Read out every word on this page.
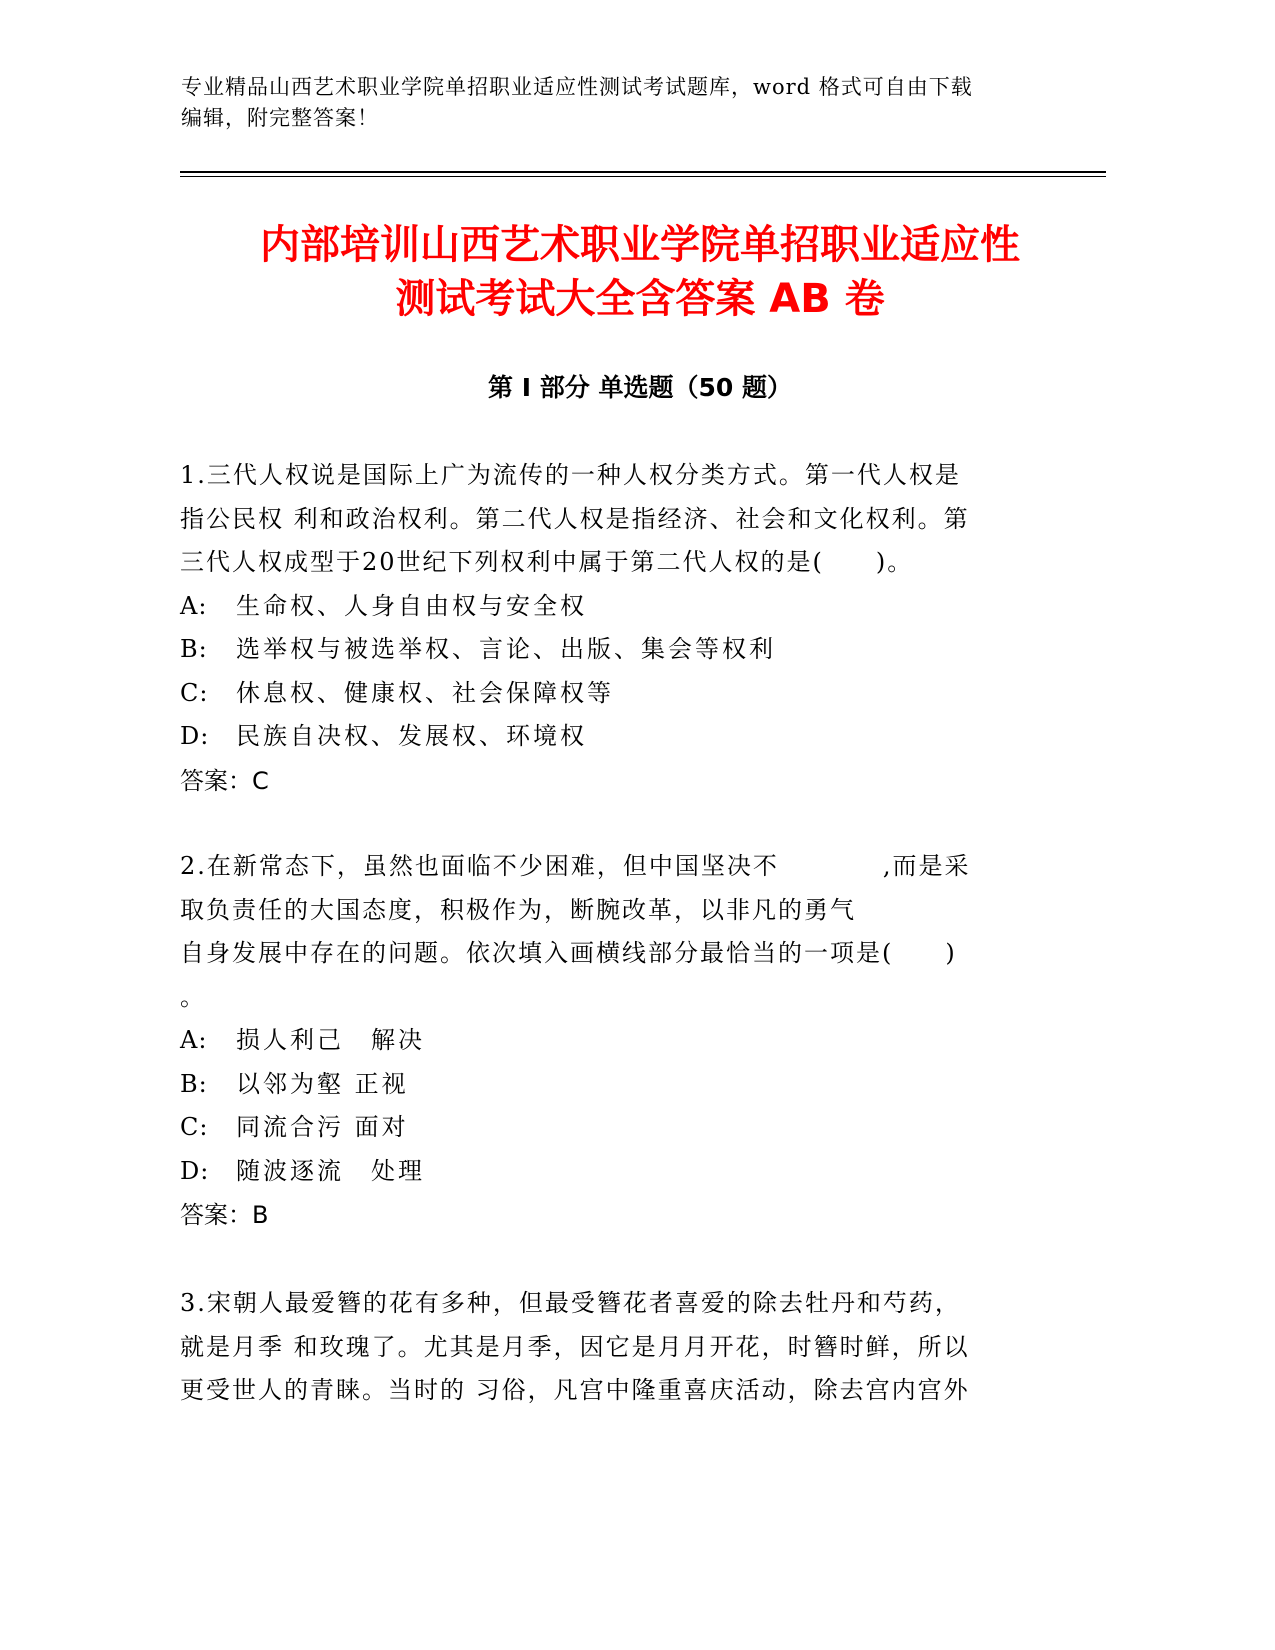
专业精品山西艺术职业学院单招职业适应性测试考试题库，word 格式可自由下载
编辑，附完整答案！
内部培训山西艺术职业学院单招职业适应性
测试考试大全含答案 AB 卷
第 I 部分 单选题（50 题）
1.三代人权说是国际上广为流传的一种人权分类方式。第一代人权是
指公民权 利和政治权利。第二代人权是指经济、社会和文化权利。第
三代人权成型于20世纪下列权利中属于第二代人权的是(　　)。
A: 生命权、人身自由权与安全权
B: 选举权与被选举权、言论、出版、集会等权利
C: 休息权、健康权、社会保障权等
D: 民族自决权、发展权、环境权
答案：C
2.在新常态下，虽然也面临不少困难，但中国坚决不　　　　,而是采
取负责任的大国态度，积极作为，断腕改革，以非凡的勇气
自身发展中存在的问题。依次填入画横线部分最恰当的一项是(　　)
。
A: 损人利己　解决
B: 以邻为壑 正视
C: 同流合污 面对
D: 随波逐流　处理
答案：B
3.宋朝人最爱簪的花有多种，但最受簪花者喜爱的除去牡丹和芍药，
就是月季 和玫瑰了。尤其是月季，因它是月月开花，时簪时鲜，所以
更受世人的青睐。当时的 习俗，凡宫中隆重喜庆活动，除去宫内宫外
